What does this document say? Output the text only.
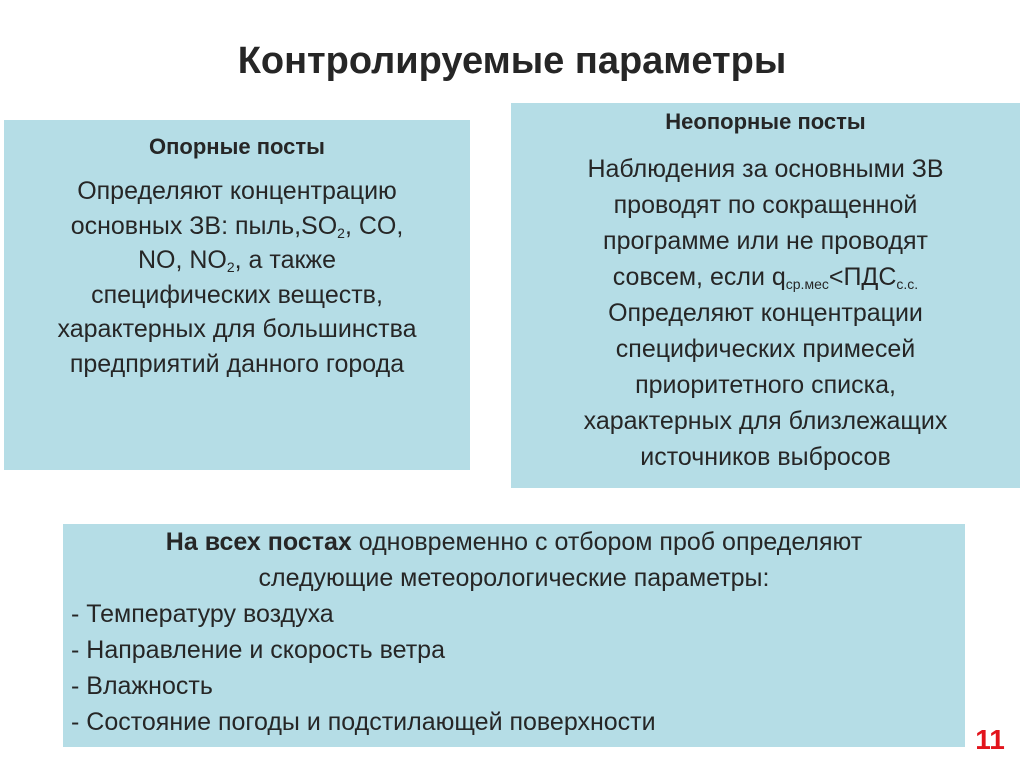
Контролируемые параметры
Опорные посты
Определяют концентрацию
основных ЗВ: $пыль,SO_2$, CO,
NO, $NO_2$, а также
специфических веществ,
характерных для большинства
предприятий данного города
Неопорные посты
Наблюдения за основными ЗВ
проводят по сокращенной
программе или не проводят
совсем, если $q_{ср.мес}<ПДС_{с.с.}$
Определяют концентрации
специфических примесей
приоритетного списка,
характерных для близлежащих
источников выбросов
На всех постах одновременно с отбором проб определяют
следующие метеорологические параметры:
- Температуру воздуха
- Направление и скорость ветра
- Влажность
- Состояние погоды и подстилающей поверхности
11
